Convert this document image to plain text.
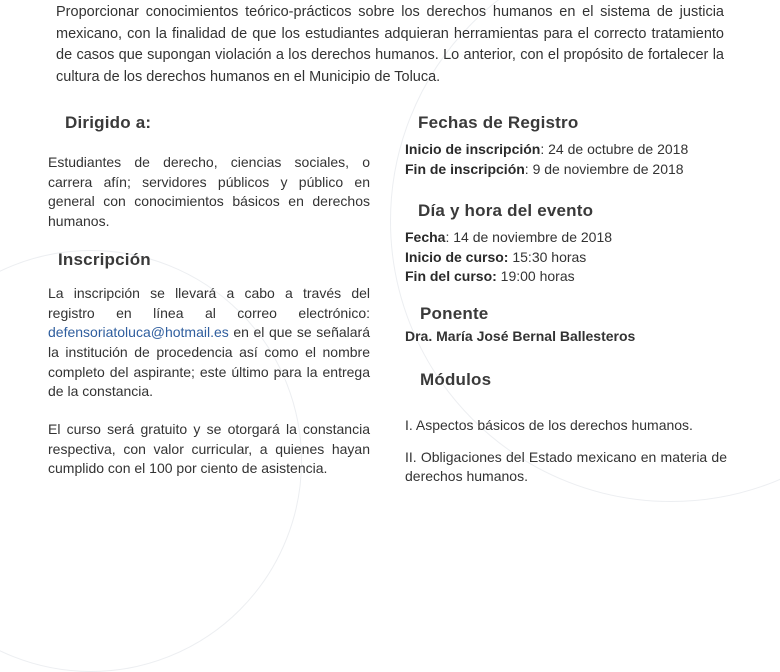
Proporcionar conocimientos teórico-prácticos sobre los derechos humanos en el sistema de justicia mexicano, con la finalidad de que los estudiantes adquieran herramientas para el correcto tratamiento de casos que supongan violación a los derechos humanos. Lo anterior, con el propósito de fortalecer la cultura de los derechos humanos en el Municipio de Toluca.
Dirigido a:

Estudiantes de derecho, ciencias sociales, o carrera afín; servidores públicos y público en general con conocimientos básicos en derechos humanos.

Inscripción

La inscripción se llevará a cabo a través del registro en línea al correo electrónico: defensoriatoluca@hotmail.es en el que se señalará la institución de procedencia así como el nombre completo del aspirante; este último para la entrega de la constancia.

El curso será gratuito y se otorgará la constancia respectiva, con valor curricular, a quienes hayan cumplido con el 100 por ciento de asistencia.

Fechas de Registro
Inicio de inscripción: 24 de octubre de 2018
Fin de inscripción: 9 de noviembre de 2018
Día y hora del evento
Fecha: 14 de noviembre de 2018
Inicio de curso: 15:30 horas
Fin del curso: 19:00 horas
Ponente
Dra. María José Bernal Ballesteros
Módulos

I. Aspectos básicos de los derechos humanos.

II. Obligaciones del Estado mexicano en materia de derechos humanos.
